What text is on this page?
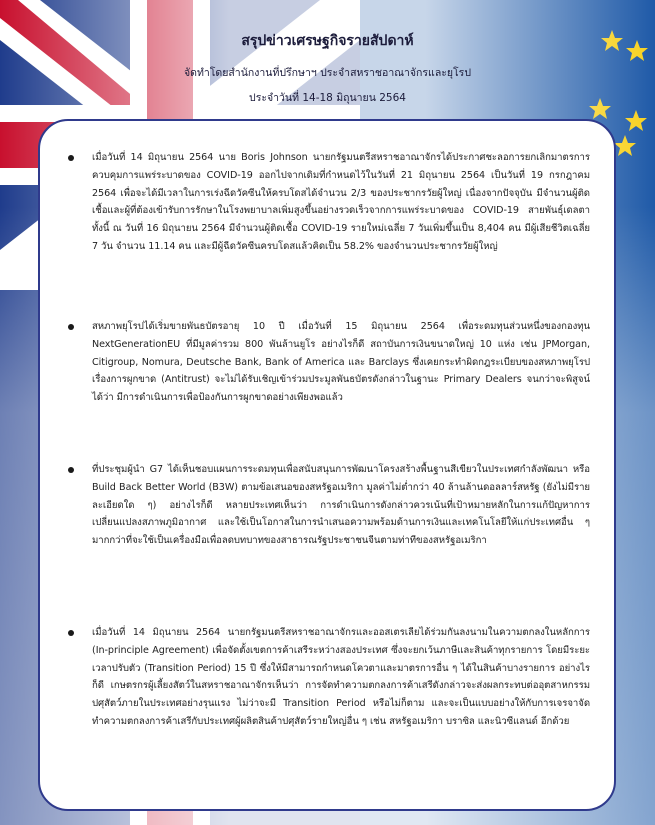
สรุปข่าวเศรษฐกิจรายสัปดาห์
จัดทำโดยสำนักงานที่ปรึกษาฯ ประจำสหราชอาณาจักรและยุโรป
ประจำวันที่ 14-18 มิถุนายน 2564
เมื่อวันที่ 14 มิถุนายน 2564 นาย Boris Johnson นายกรัฐมนตรีสหราชอาณาจักรได้ประกาศชะลอการยกเลิกมาตรการควบคุมการแพร่ระบาดของ COVID-19 ออกไปจากเดิมที่กำหนดไว้ในวันที่ 21 มิถุนายน 2564 เป็นวันที่ 19 กรกฎาคม 2564 เพื่อจะได้มีเวลาในการเร่งฉีดวัคซีนให้ครบโดสได้จำนวน 2/3 ของประชากรวัยผู้ใหญ่ เนื่องจากปัจจุบัน มีจำนวนผู้ติดเชื้อและผู้ที่ต้องเข้ารับการรักษาในโรงพยาบาลเพิ่มสูงขึ้นอย่างรวดเร็วจากการแพร่ระบาดของ COVID-19 สายพันธุ์เดลตา ทั้งนี้ ณ วันที่ 16 มิถุนายน 2564 มีจำนวนผู้ติดเชื้อ COVID-19 รายใหม่เฉลี่ย 7 วันเพิ่มขึ้นเป็น 8,404 คน มีผู้เสียชีวิตเฉลี่ย 7 วัน จำนวน 11.14 คน และมีผู้ฉีดวัคซีนครบโดสแล้วคิดเป็น 58.2% ของจำนวนประชากรวัยผู้ใหญ่
สหภาพยุโรปได้เริ่มขายพันธบัตรอายุ 10 ปี เมื่อวันที่ 15 มิถุนายน 2564 เพื่อระดมทุนส่วนหนึ่งของกองทุน NextGenerationEU ที่มีมูลค่ารวม 800 พันล้านยูโร อย่างไรก็ดี สถาบันการเงินขนาดใหญ่ 10 แห่ง เช่น JPMorgan, Citigroup, Nomura, Deutsche Bank, Bank of America และ Barclays ซึ่งเคยกระทำผิดกฎระเบียบของสหภาพยุโรปเรื่องการผูกขาด (Antitrust) จะไม่ได้รับเชิญเข้าร่วมประมูลพันธบัตรดังกล่าวในฐานะ Primary Dealers จนกว่าจะพิสูจน์ได้ว่า มีการดำเนินการเพื่อป้องกันการผูกขาดอย่างเพียงพอแล้ว
ที่ประชุมผู้นำ G7 ได้เห็นชอบแผนการระดมทุนเพื่อสนับสนุนการพัฒนาโครงสร้างพื้นฐานสีเขียวในประเทศกำลังพัฒนา หรือ Build Back Better World (B3W) ตามข้อเสนอของสหรัฐอเมริกา มูลค่าไม่ต่ำกว่า 40 ล้านล้านดอลลาร์สหรัฐ (ยังไม่มีรายละเอียดใด ๆ) อย่างไรก็ดี หลายประเทศเห็นว่า การดำเนินการดังกล่าวควรเน้นที่เป้าหมายหลักในการแก้ปัญหาการเปลี่ยนแปลงสภาพภูมิอากาศ และใช้เป็นโอกาสในการนำเสนอความพร้อมด้านการเงินและเทคโนโลยีให้แก่ประเทศอื่น ๆ มากกว่าที่จะใช้เป็นเครื่องมือเพื่อลดบทบาทของสาธารณรัฐประชาชนจีนตามท่าทีของสหรัฐอเมริกา
เมื่อวันที่ 14 มิถุนายน 2564 นายกรัฐมนตรีสหราชอาณาจักรและออสเตรเลียได้ร่วมกันลงนามในความตกลงในหลักการ (In-principle Agreement) เพื่อจัดตั้งเขตการค้าเสรีระหว่างสองประเทศ ซึ่งจะยกเว้นภาษีและสินค้าทุกรายการ โดยมีระยะเวลาปรับตัว (Transition Period) 15 ปี ซึ่งให้มีสามารถกำหนดโควตาและมาตรการอื่น ๆ ได้ในสินค้าบางรายการ อย่างไรก็ดี เกษตรกรผู้เลี้ยงสัตว์ในสหราชอาณาจักรเห็นว่า การจัดทำความตกลงการค้าเสรีดังกล่าวจะส่งผลกระทบต่ออุตสาหกรรมปศุสัตว์ภายในประเทศอย่างรุนแรง ไม่ว่าจะมี Transition Period หรือไม่ก็ตาม และจะเป็นแบบอย่างให้กับการเจรจาจัดทำความตกลงการค้าเสรีกับประเทศผู้ผลิตสินค้าปศุสัตว์รายใหญ่อื่น ๆ เช่น สหรัฐอเมริกา บราซิล และนิวซีแลนด์ อีกด้วย
